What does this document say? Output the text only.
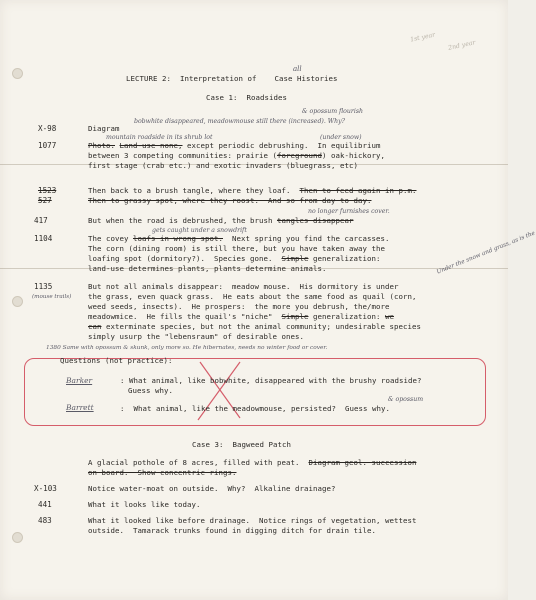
1st year
2nd year
LECTURE 2:  Interpretation of    Case Histories
all
Case 1:  Roadsides
& opossum flourish
X-98	Diagram
bobwhite disappeared, meadowmouse still there (increased). Why?
mountain roadside in its shrub lot	(under snow)
1077	Photo. Land-use none, except periodic debrushing.  In equilibrium
between 3 competing communities: prairie (foreground) oak-hickory,
first stage (crab etc.) and exotic invaders (bluegrass, etc)
1523	Then back to a brush tangle, where they loaf.  Then to feed again in p.m.
527	Then to grassy spot, where they roost.  And so from day to day.
no longer furnishes cover.
417	But when the road is debrushed, the brush tangles disappear
gets caught under a snowdrift
1104	The covey loafs in wrong spot.  Next spring you find the carcasses.
The corn (dining room) is still there, but you have taken away the
loafing spot (dormitory?).  Species gone.  Simple generalization:
land-use determines plants, plants determine animals.	Under the snow and grass, as is the
1135
(mouse trails)
But not all animals disappear:  meadow mouse.  His dormitory is under
the grass, even quack grass.  He eats about the same food as quail (corn,
weed seeds, insects).  He prospers:  the more you debrush, the/more
meadowmice.  He fills the quail's "niche"  Simple generalization: we
can exterminate species, but not the animal community; undesirable species
simply usurp the "lebensraum" of desirable ones.
1380 Same with opossum & skunk, only more so. He hibernates, needs no winter food or cover.
Questions (not practice):
Barker	: What animal, like bobwhite, disappeared with the brushy roadside?
Guess why.
& opossum
Barrett	:  What animal, like the meadowmouse, persisted?  Guess why.
Case 3:  Bagweed Patch
A glacial pothole of 8 acres, filled with peat.  Diagram geol. succession
on board.  Show concentric rings.
X-103	Notice water-moat on outside.  Why?  Alkaline drainage?
441	What it looks like today.
483	What it looked like before drainage.  Notice rings of vegetation, wettest
outside.  Tamarack trunks found in digging ditch for drain tile.
